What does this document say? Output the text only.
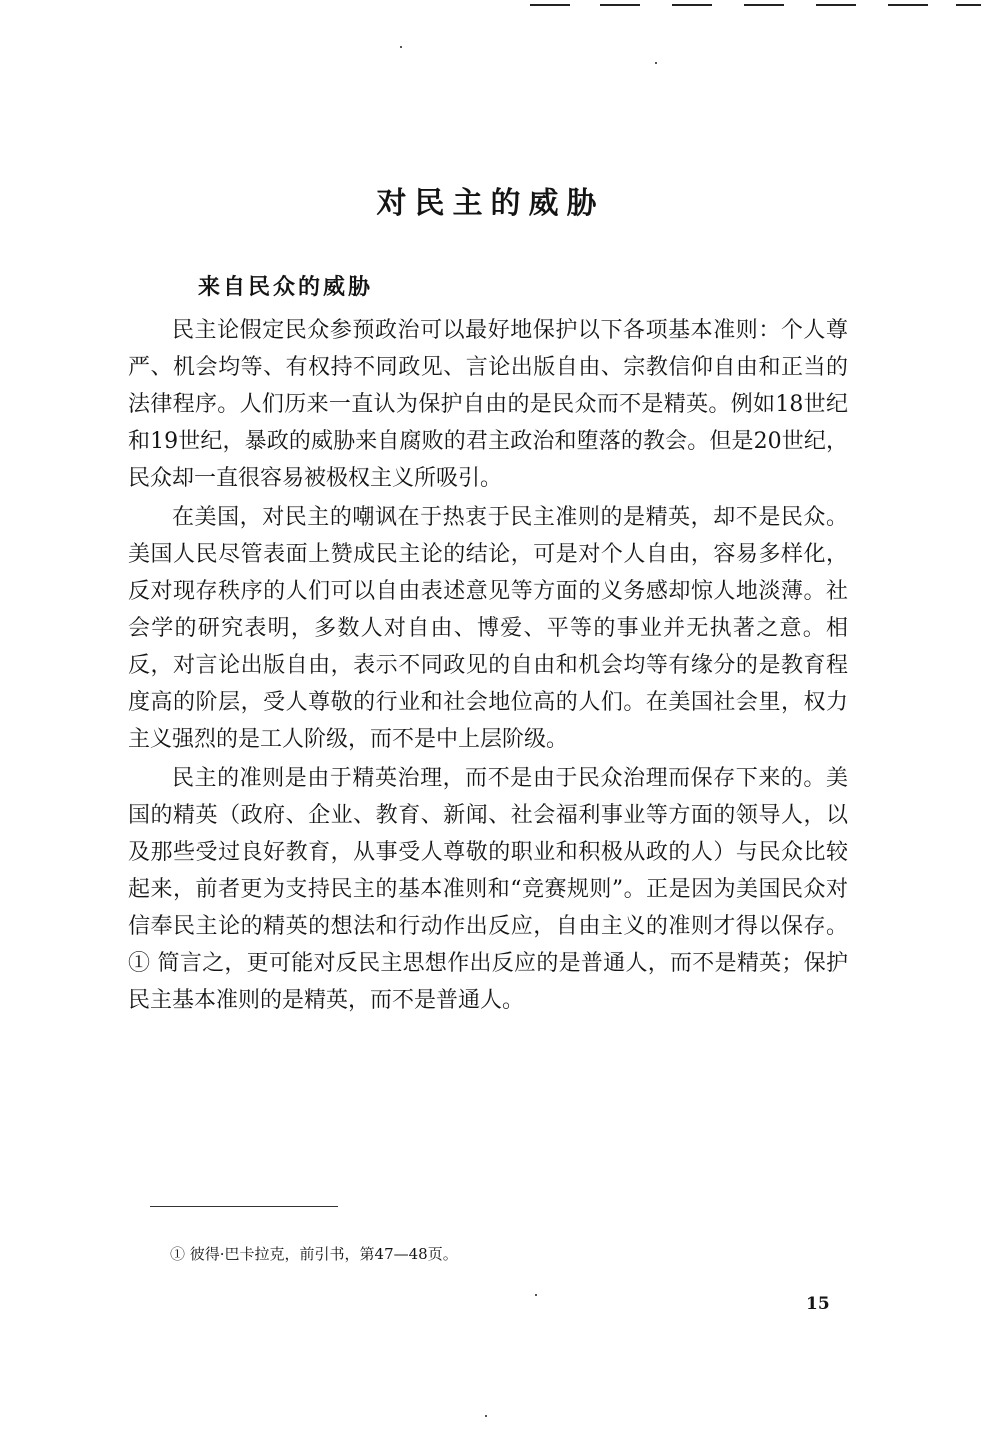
对民主的威胁
来自民众的威胁

民主论假定民众参预政治可以最好地保护以下各项基本准则：个人尊严、机会均等、有权持不同政见、言论出版自由、宗教信仰自由和正当的法律程序。人们历来一直认为保护自由的是民众而不是精英。例如18世纪和19世纪，暴政的威胁来自腐败的君主政治和堕落的教会。但是20世纪，民众却一直很容易被极权主义所吸引。

在美国，对民主的嘲讽在于热衷于民主准则的是精英，却不是民众。美国人民尽管表面上赞成民主论的结论，可是对个人自由，容易多样化，反对现存秩序的人们可以自由表述意见等方面的义务感却惊人地淡薄。社会学的研究表明，多数人对自由、博爱、平等的事业并无执著之意。相反，对言论出版自由，表示不同政见的自由和机会均等有缘分的是教育程度高的阶层，受人尊敬的行业和社会地位高的人们。在美国社会里，权力主义强烈的是工人阶级，而不是中上层阶级。

民主的准则是由于精英治理，而不是由于民众治理而保存下来的。美国的精英（政府、企业、教育、新闻、社会福利事业等方面的领导人，以及那些受过良好教育，从事受人尊敬的职业和积极从政的人）与民众比较起来，前者更为支持民主的基本准则和“竞赛规则”。正是因为美国民众对信奉民主论的精英的想法和行动作出反应，自由主义的准则才得以保存。① 简言之，更可能对反民主思想作出反应的是普通人，而不是精英；保护民主基本准则的是精英，而不是普通人。

① 彼得·巴卡拉克，前引书，第47—48页。

15
